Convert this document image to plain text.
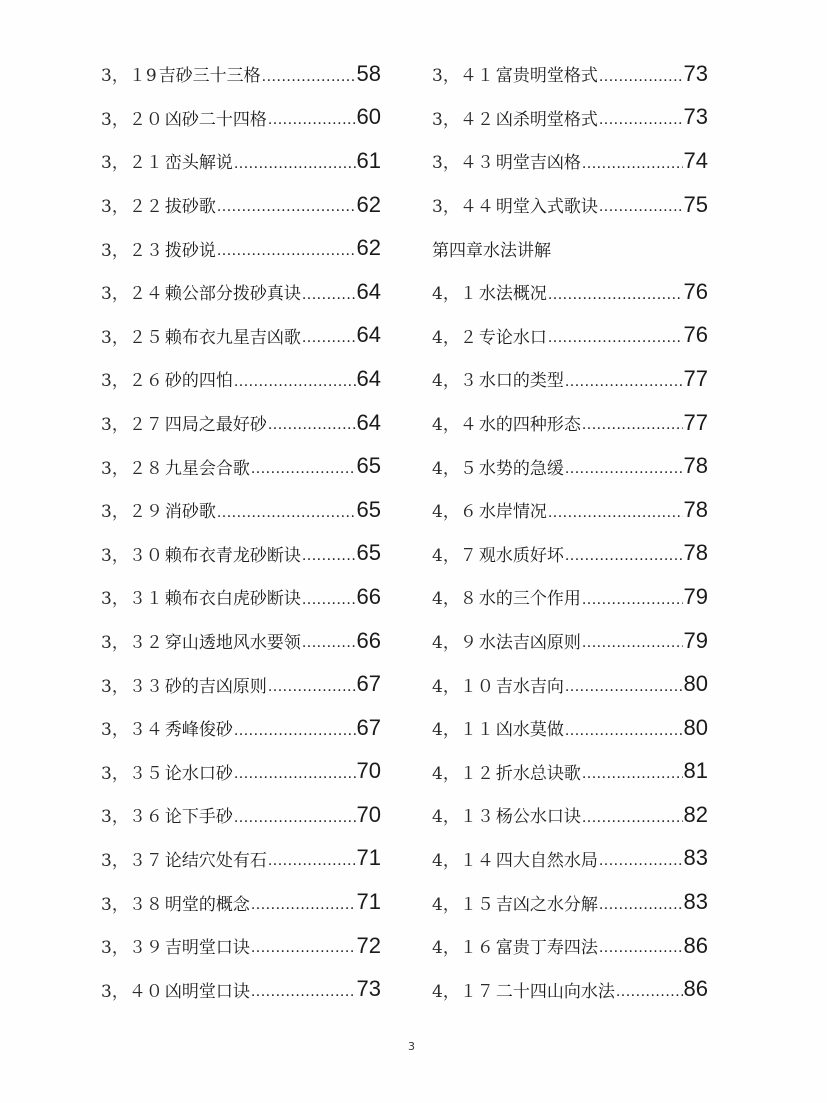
3，１9 吉砂三十三格 .....	58
3，２０ 凶砂二十四格 .....	60
3，２１ 峦头解说 .....	61
3，２２ 拔砂歌 .....	62
3，２３ 拨砂说 .....	62
3，２４ 赖公部分拨砂真诀 .....	64
3，２５ 赖布衣九星吉凶歌 .....	64
3，２６ 砂的四怕 .....	64
3，２７ 四局之最好砂 .....	64
3，２８ 九星会合歌 .....	65
3，２９ 消砂歌 .....	65
3，３０ 赖布衣青龙砂断诀 .....	65
3，３１ 赖布衣白虎砂断诀 .....	66
3，３２ 穿山透地风水要领 .....	66
3，３３ 砂的吉凶原则 .....	67
3，３４ 秀峰俊砂 .....	67
3，３５ 论水口砂 .....	70
3，３６ 论下手砂 .....	70
3，３７ 论结穴处有石 .....	71
3，３８ 明堂的概念 .....	71
3，３９ 吉明堂口诀 .....	72
3，４０ 凶明堂口诀 .....	73
3，４１ 富贵明堂格式 .....	73
3，４２ 凶杀明堂格式 .....	73
3，４３ 明堂吉凶格 .....	74
3，４４ 明堂入式歌诀 .....	75
第四章水法讲解
4，１ 水法概况 .....	76
4，２ 专论水口 .....	76
4，３ 水口的类型 .....	77
4，４ 水的四种形态 .....	77
4，５ 水势的急缓 .....	78
4，６ 水岸情况 .....	78
4，７ 观水质好坏 .....	78
4，８ 水的三个作用 .....	79
4，９ 水法吉凶原则 .....	79
4，１０ 吉水吉向 .....	80
4，１１ 凶水莫做 .....	80
4，１２ 折水总诀歌 .....	81
4，１３ 杨公水口诀 .....	82
4，１４ 四大自然水局 .....	83
4，１５ 吉凶之水分解 .....	83
4，１６ 富贵丁寿四法 .....	86
4，１７ 二十四山向水法 .....	86
3
